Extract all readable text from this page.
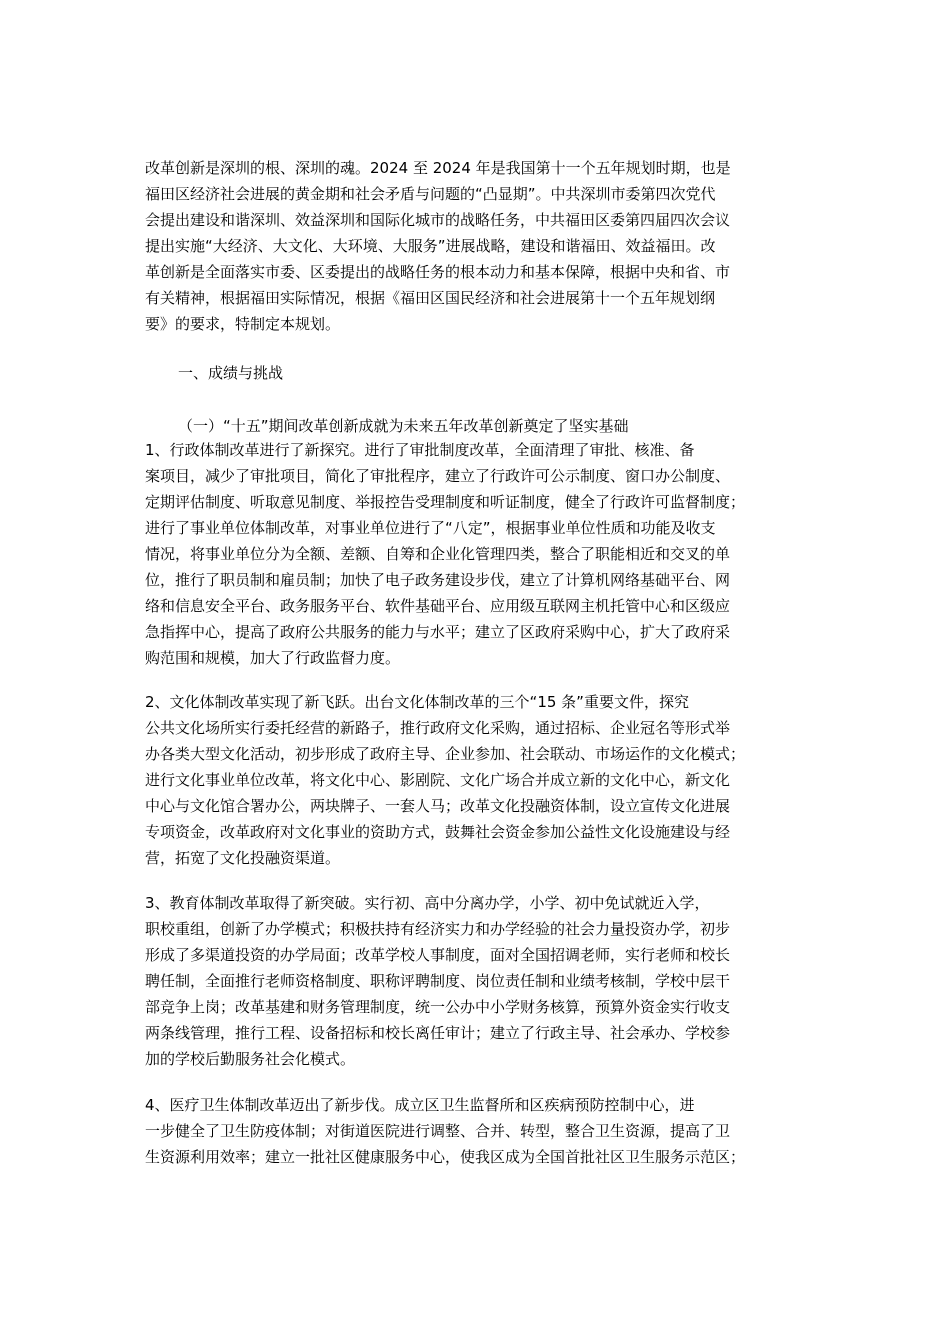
改革创新是深圳的根、深圳的魂。2024 至 2024 年是我国第十一个五年规划时期，也是
福田区经济社会进展的黄金期和社会矛盾与问题的“凸显期”。中共深圳市委第四次党代
会提出建设和谐深圳、效益深圳和国际化城市的战略任务，中共福田区委第四届四次会议
提出实施“大经济、大文化、大环境、大服务”进展战略，建设和谐福田、效益福田。改
革创新是全面落实市委、区委提出的战略任务的根本动力和基本保障，根据中央和省、市
有关精神，根据福田实际情况，根据《福田区国民经济和社会进展第十一个五年规划纲
要》的要求，特制定本规划。
一、成绩与挑战
（一）“十五”期间改革创新成就为未来五年改革创新奠定了坚实基础
1、行政体制改革进行了新探究。进行了审批制度改革，全面清理了审批、核准、备
案项目，减少了审批项目，简化了审批程序，建立了行政许可公示制度、窗口办公制度、
定期评估制度、听取意见制度、举报控告受理制度和听证制度，健全了行政许可监督制度；
进行了事业单位体制改革，对事业单位进行了“八定”，根据事业单位性质和功能及收支
情况，将事业单位分为全额、差额、自筹和企业化管理四类，整合了职能相近和交叉的单
位，推行了职员制和雇员制；加快了电子政务建设步伐，建立了计算机网络基础平台、网
络和信息安全平台、政务服务平台、软件基础平台、应用级互联网主机托管中心和区级应
急指挥中心，提高了政府公共服务的能力与水平；建立了区政府采购中心，扩大了政府采
购范围和规模，加大了行政监督力度。
2、文化体制改革实现了新飞跃。出台文化体制改革的三个“15 条”重要文件，探究
公共文化场所实行委托经营的新路子，推行政府文化采购，通过招标、企业冠名等形式举
办各类大型文化活动，初步形成了政府主导、企业参加、社会联动、市场运作的文化模式；
进行文化事业单位改革，将文化中心、影剧院、文化广场合并成立新的文化中心，新文化
中心与文化馆合署办公，两块牌子、一套人马；改革文化投融资体制，设立宣传文化进展
专项资金，改革政府对文化事业的资助方式，鼓舞社会资金参加公益性文化设施建设与经
营，拓宽了文化投融资渠道。
3、教育体制改革取得了新突破。实行初、高中分离办学，小学、初中免试就近入学，
职校重组，创新了办学模式；积极扶持有经济实力和办学经验的社会力量投资办学，初步
形成了多渠道投资的办学局面；改革学校人事制度，面对全国招调老师，实行老师和校长
聘任制，全面推行老师资格制度、职称评聘制度、岗位责任制和业绩考核制，学校中层干
部竞争上岗；改革基建和财务管理制度，统一公办中小学财务核算，预算外资金实行收支
两条线管理，推行工程、设备招标和校长离任审计；建立了行政主导、社会承办、学校参
加的学校后勤服务社会化模式。
4、医疗卫生体制改革迈出了新步伐。成立区卫生监督所和区疾病预防控制中心，进
一步健全了卫生防疫体制；对街道医院进行调整、合并、转型，整合卫生资源，提高了卫
生资源利用效率；建立一批社区健康服务中心，使我区成为全国首批社区卫生服务示范区；
